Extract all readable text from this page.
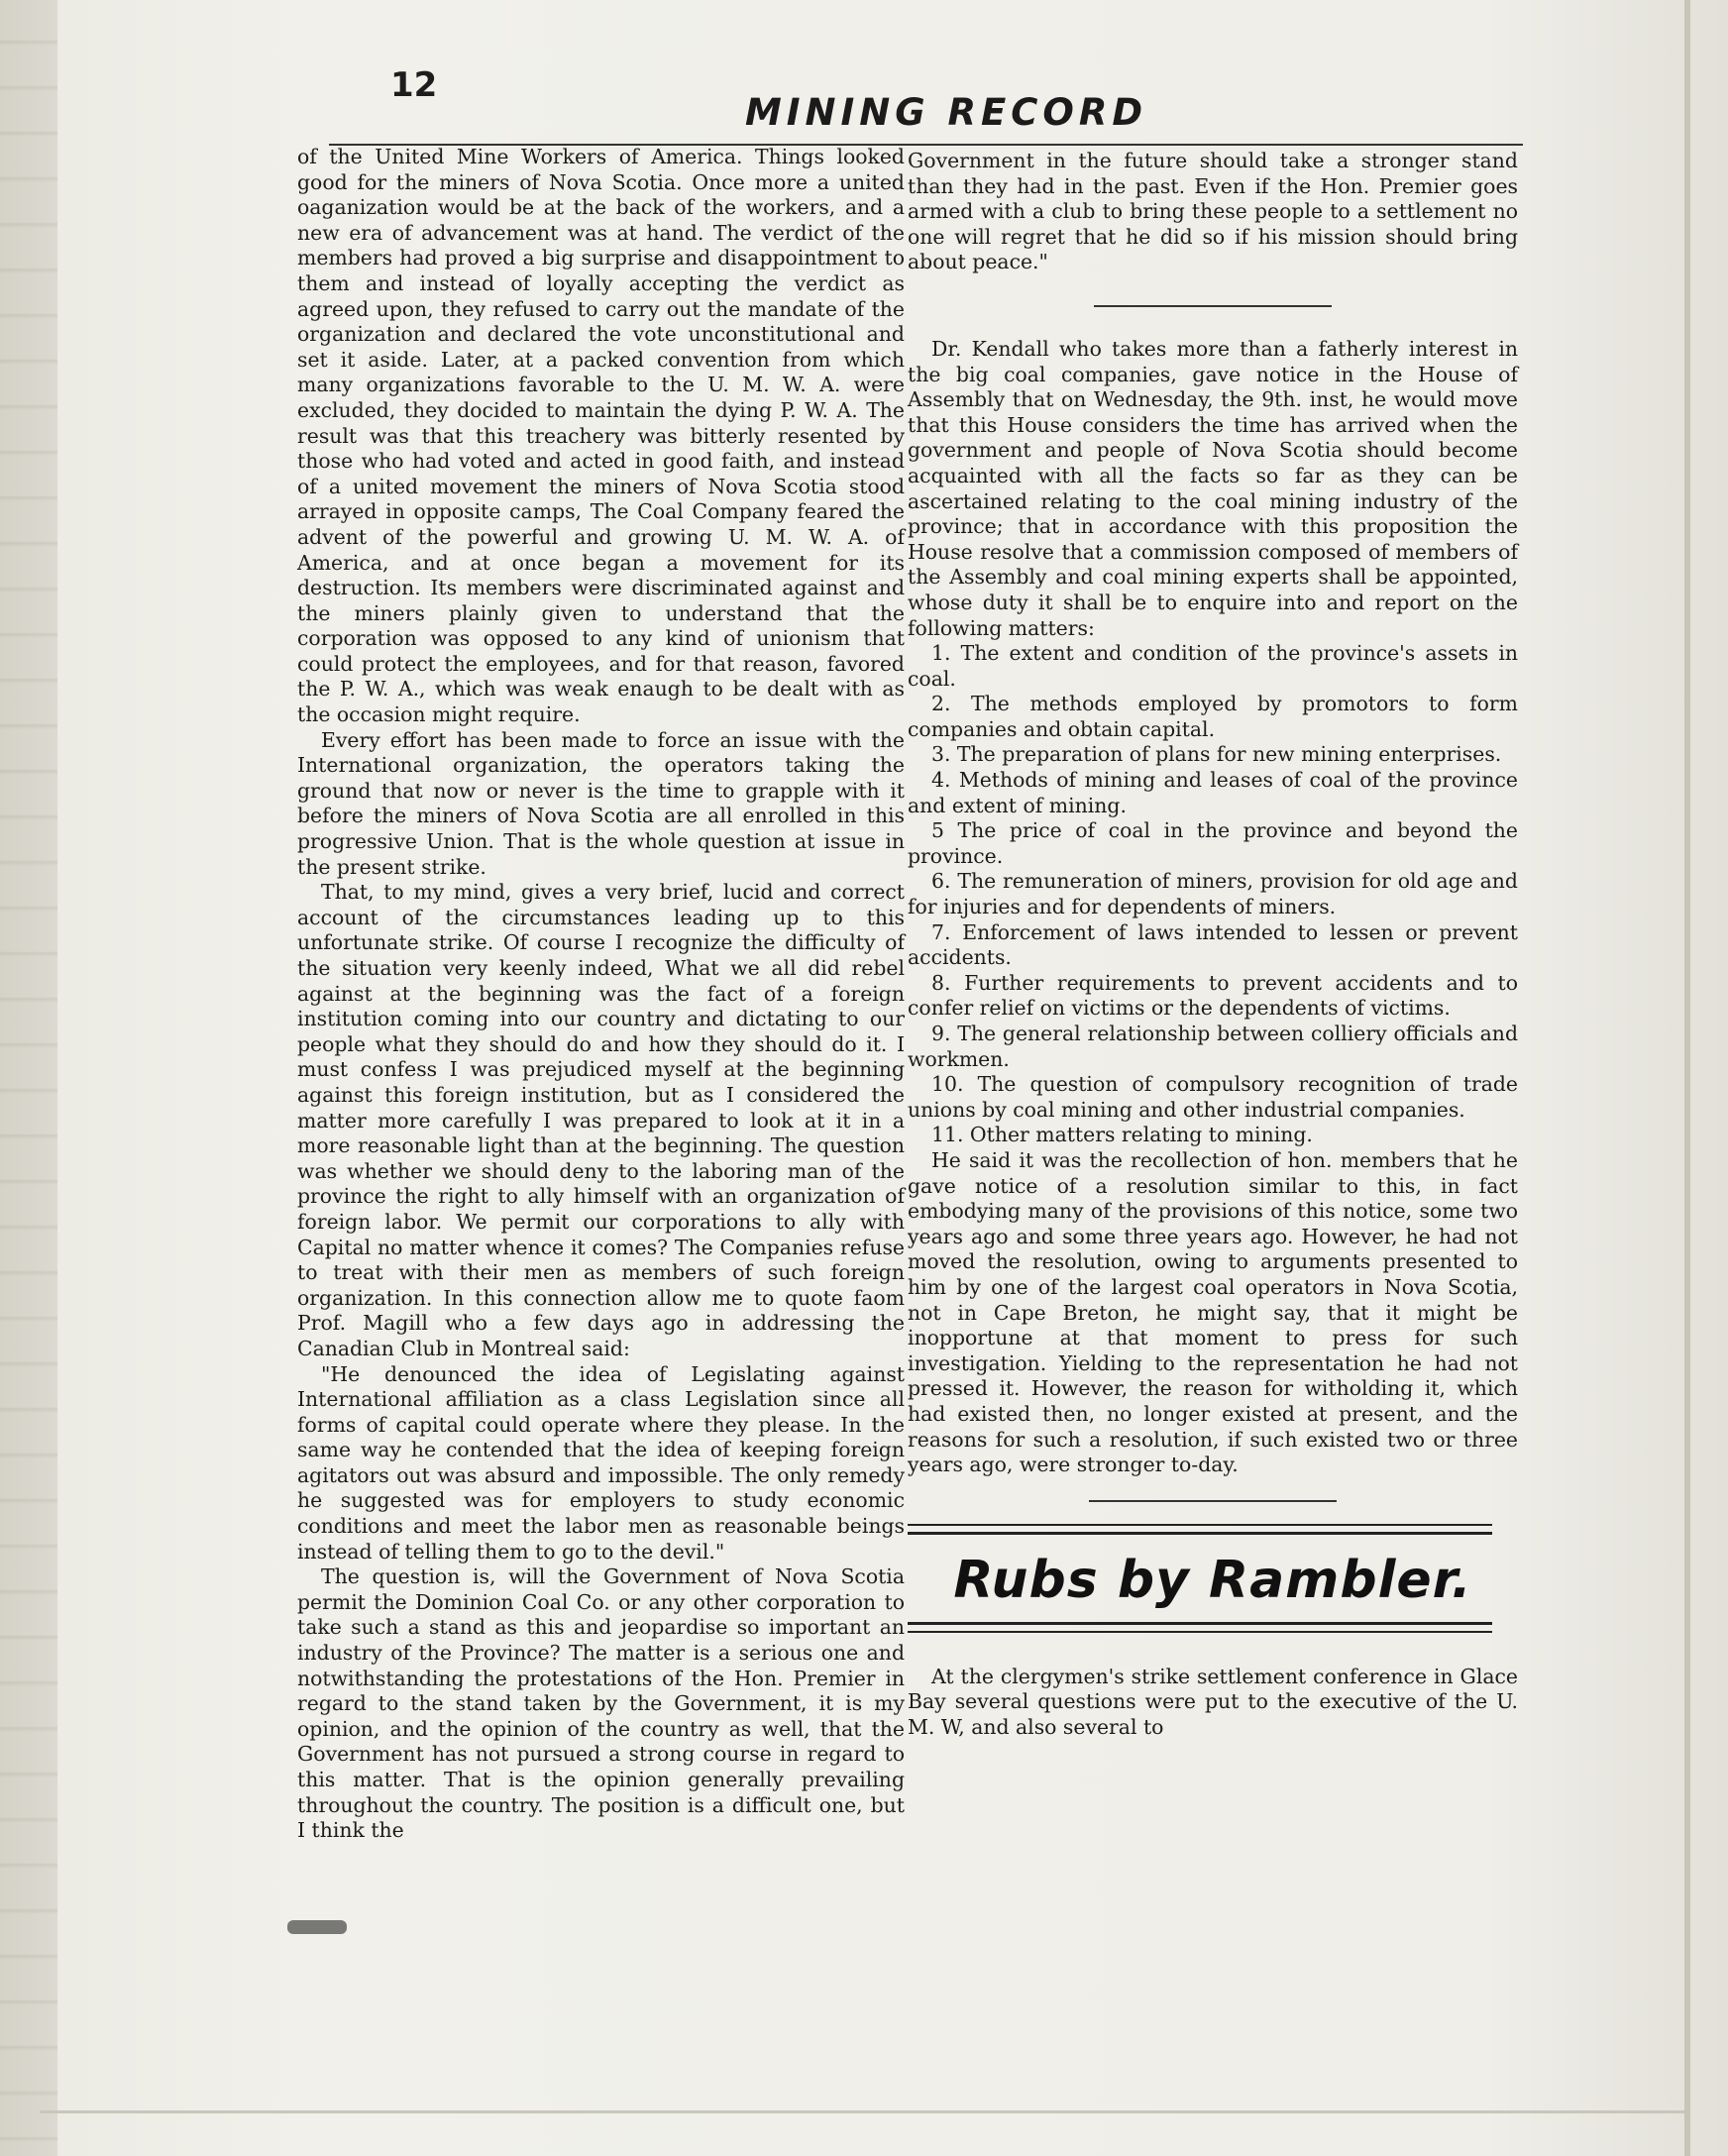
12
MINING RECORD

of the United Mine Workers of America. Things looked good for the miners of Nova Scotia. Once more a united oaganization would be at the back of the workers, and a new era of advancement was at hand. The verdict of the members had proved a big surprise and disappointment to them and instead of loyally accepting the verdict as agreed upon, they refused to carry out the mandate of the organization and declared the vote unconstitutional and set it aside. Later, at a packed convention from which many organizations favorable to the U. M. W. A. were excluded, they docided to maintain the dying P. W. A. The result was that this treachery was bitterly resented by those who had voted and acted in good faith, and instead of a united movement the miners of Nova Scotia stood arrayed in opposite camps, The Coal Company feared the advent of the powerful and growing U. M. W. A. of America, and at once began a movement for its destruction. Its members were discriminated against and the miners plainly given to understand that the corporation was opposed to any kind of unionism that could protect the employees, and for that reason, favored the P. W. A., which was weak enaugh to be dealt with as the occasion might require.

Every effort has been made to force an issue with the International organization, the operators taking the ground that now or never is the time to grapple with it before the miners of Nova Scotia are all enrolled in this progressive Union. That is the whole question at issue in the present strike.

That, to my mind, gives a very brief, lucid and correct account of the circumstances leading up to this unfortunate strike. Of course I recognize the difficulty of the situation very keenly indeed, What we all did rebel against at the beginning was the fact of a foreign institution coming into our country and dictating to our people what they should do and how they should do it. I must confess I was prejudiced myself at the beginning against this foreign institution, but as I considered the matter more carefully I was prepared to look at it in a more reasonable light than at the beginning. The question was whether we should deny to the laboring man of the province the right to ally himself with an organization of foreign labor. We permit our corporations to ally with Capital no matter whence it comes? The Companies refuse to treat with their men as members of such foreign organization. In this connection allow me to quote faom Prof. Magill who a few days ago in addressing the Canadian Club in Montreal said:

"He denounced the idea of Legislating against International affiliation as a class Legislation since all forms of capital could operate where they please. In the same way he contended that the idea of keeping foreign agitators out was absurd and impossible. The only remedy he suggested was for employers to study economic conditions and meet the labor men as reasonable beings instead of telling them to go to the devil."

The question is, will the Government of Nova Scotia permit the Dominion Coal Co. or any other corporation to take such a stand as this and jeopardise so important an industry of the Province? The matter is a serious one and notwithstanding the protestations of the Hon. Premier in regard to the stand taken by the Government, it is my opinion, and the opinion of the country as well, that the Government has not pursued a strong course in regard to this matter. That is the opinion generally prevailing throughout the country. The position is a difficult one, but I think the

Government in the future should take a stronger stand than they had in the past. Even if the Hon. Premier goes armed with a club to bring these people to a settlement no one will regret that he did so if his mission should bring about peace."

Dr. Kendall who takes more than a fatherly interest in the big coal companies, gave notice in the House of Assembly that on Wednesday, the 9th. inst, he would move that this House considers the time has arrived when the government and people of Nova Scotia should become acquainted with all the facts so far as they can be ascertained relating to the coal mining industry of the province; that in accordance with this proposition the House resolve that a commission composed of members of the Assembly and coal mining experts shall be appointed, whose duty it shall be to enquire into and report on the following matters:

1. The extent and condition of the province's assets in coal.

2. The methods employed by promotors to form companies and obtain capital.

3. The preparation of plans for new mining enterprises.

4. Methods of mining and leases of coal of the province and extent of mining.

5 The price of coal in the province and beyond the province.

6. The remuneration of miners, provision for old age and for injuries and for dependents of miners.

7. Enforcement of laws intended to lessen or prevent accidents.

8. Further requirements to prevent accidents and to confer relief on victims or the dependents of victims.

9. The general relationship between colliery officials and workmen.

10. The question of compulsory recognition of trade unions by coal mining and other industrial companies.

11. Other matters relating to mining.

He said it was the recollection of hon. members that he gave notice of a resolution similar to this, in fact embodying many of the provisions of this notice, some two years ago and some three years ago. However, he had not moved the resolution, owing to arguments presented to him by one of the largest coal operators in Nova Scotia, not in Cape Breton, he might say, that it might be inopportune at that moment to press for such investigation. Yielding to the representation he had not pressed it. However, the reason for witholding it, which had existed then, no longer existed at present, and the reasons for such a resolution, if such existed two or three years ago, were stronger to-day.

Rubs by Rambler.

At the clergymen's strike settlement conference in Glace Bay several questions were put to the executive of the U. M. W, and also several to
